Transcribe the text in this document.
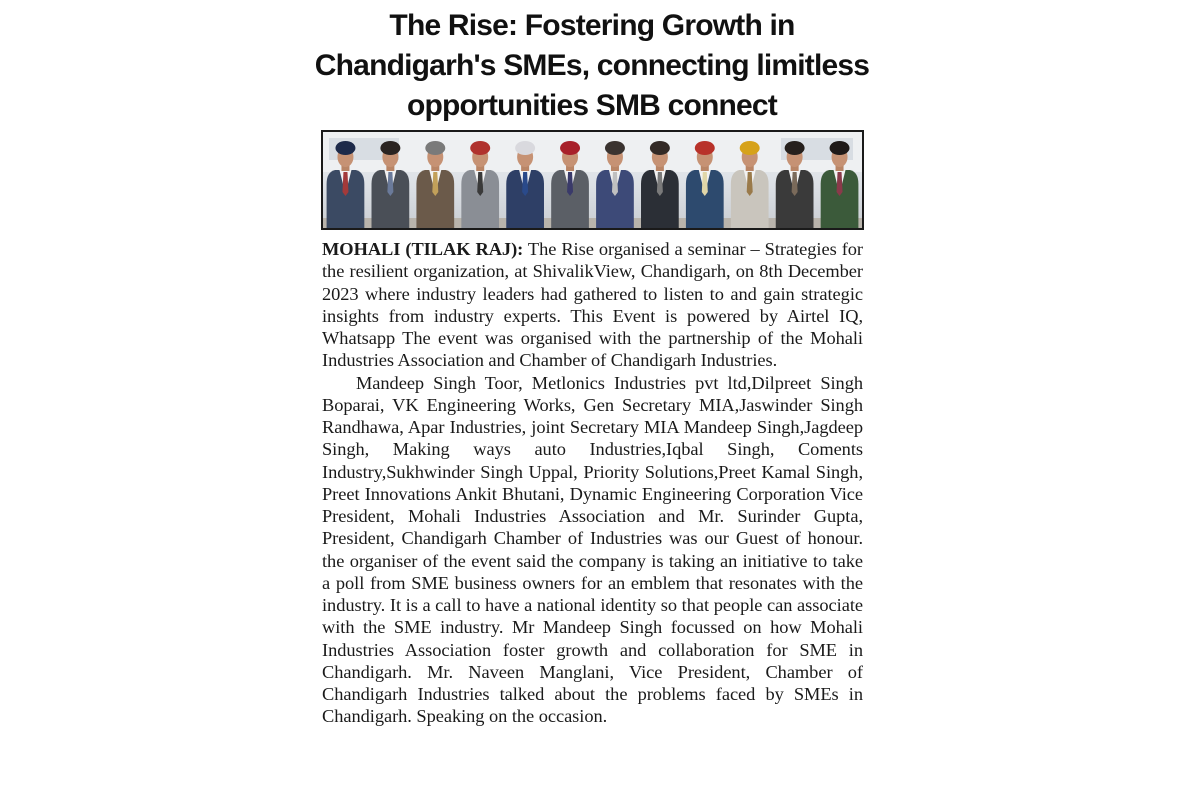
The Rise: Fostering Growth in
Chandigarh's SMEs, connecting limitless
opportunities SMB connect

MOHALI (TILAK RAJ): The Rise organised a seminar – Strategies for the resilient organization, at ShivalikView, Chandigarh, on 8th December 2023 where industry leaders had gathered to listen to and gain strategic insights from industry experts. This Event is powered by Airtel IQ, Whatsapp The event was organised with the partnership of the Mohali Industries Association and Chamber of Chandigarh Industries.

Mandeep Singh Toor, Metlonics Industries pvt ltd,Dilpreet Singh Boparai, VK Engineering Works, Gen Secretary MIA,Jaswinder Singh Randhawa, Apar Industries, joint Secretary MIA Mandeep Singh,Jagdeep Singh, Making ways auto Industries,Iqbal Singh, Coments Industry,Sukhwinder Singh Uppal, Priority Solutions,Preet Kamal Singh, Preet Innovations Ankit Bhutani, Dynamic Engineering Corporation Vice President, Mohali Industries Association and Mr. Surinder Gupta, President, Chandigarh Chamber of Industries was our Guest of honour. the organiser of the event said the company is taking an initiative to take a poll from SME business owners for an emblem that resonates with the industry. It is a call to have a national identity so that people can associate with the SME industry. Mr Mandeep Singh focussed on how Mohali Industries Association foster growth and collaboration for SME in Chandigarh. Mr. Naveen Manglani, Vice President, Chamber of Chandigarh Industries talked about the problems faced by SMEs in Chandigarh. Speaking on the occasion.
